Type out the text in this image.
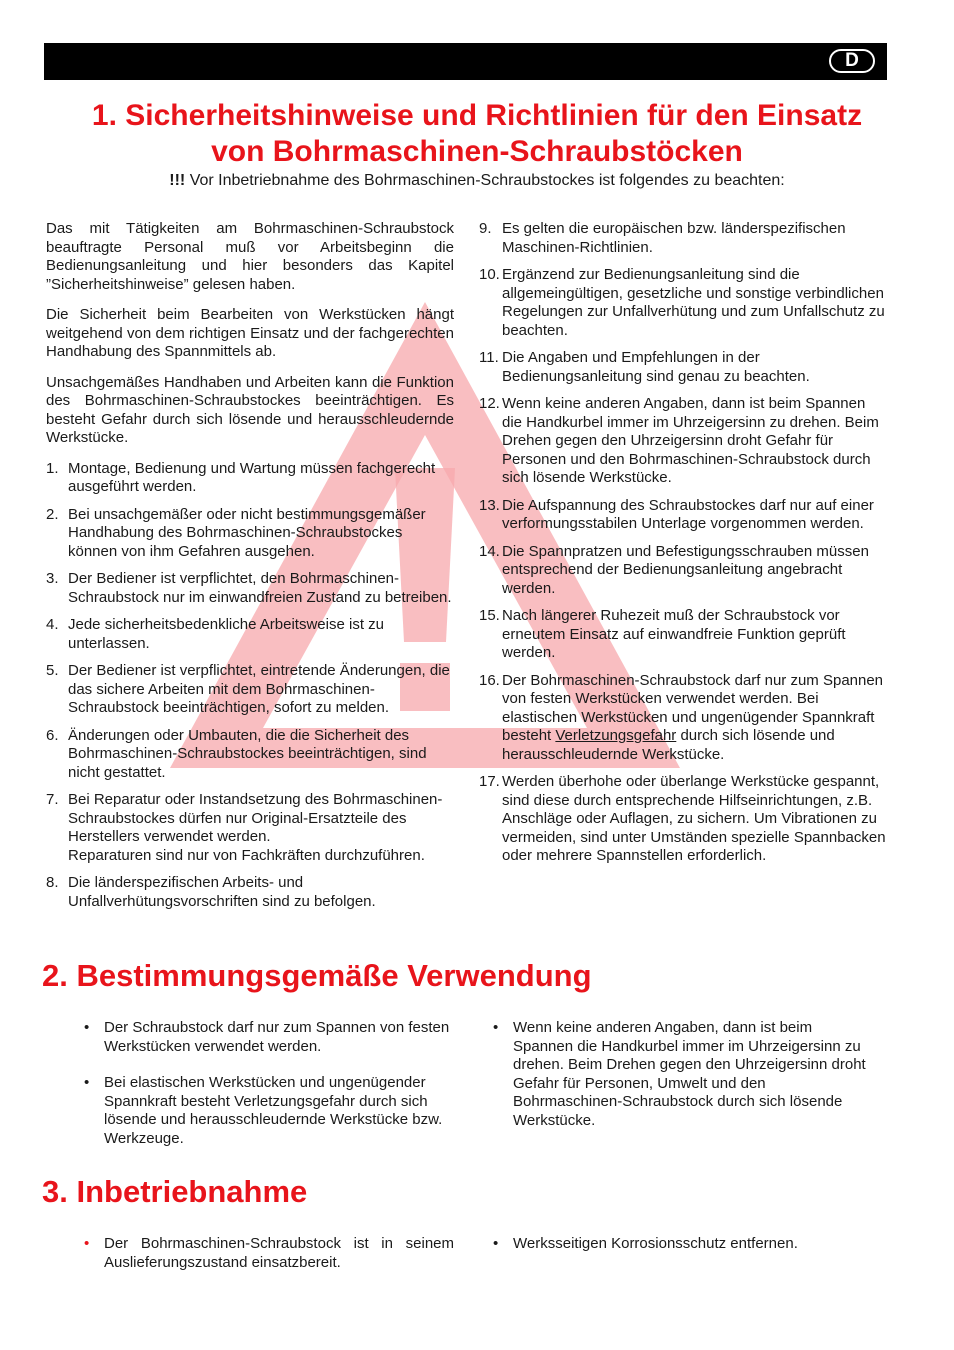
D
1. Sicherheitshinweise und Richtlinien für den Einsatz
von Bohrmaschinen-Schraubstöcken
!!! Vor Inbetriebnahme des Bohrmaschinen-Schraubstockes ist folgendes zu beachten:

Das mit Tätigkeiten am Bohrmaschinen-Schraubstock beauftragte Personal muß vor Arbeitsbeginn die Bedienungsanleitung und hier besonders das Kapitel ”Sicherheitshinweise” gelesen haben.

Die Sicherheit beim Bearbeiten von Werkstücken hängt weitgehend von dem richtigen Einsatz und der fachgerechten Handhabung des Spannmittels ab.

Unsachgemäßes Handhaben und Arbeiten kann die Funktion des Bohrmaschinen-Schraubstockes beeinträchtigen. Es besteht Gefahr durch sich lösende und herausschleudernde Werkstücke.

1. Montage, Bedienung und Wartung müssen fachgerecht ausgeführt werden.
2. Bei unsachgemäßer oder nicht bestimmungsgemäßer Handhabung des Bohrmaschinen-Schraubstockes können von ihm Gefahren ausgehen.
3. Der Bediener ist verpflichtet, den Bohrmaschinen-Schraubstock nur im einwandfreien Zustand zu betreiben.
4. Jede sicherheitsbedenkliche Arbeitsweise ist zu unterlassen.
5. Der Bediener ist verpflichtet, eintretende Änderungen, die das sichere Arbeiten mit dem Bohrmaschinen-Schraubstock beeinträchtigen, sofort zu melden.
6. Änderungen oder Umbauten, die die Sicherheit des Bohrmaschinen-Schraubstockes beeinträchtigen, sind nicht gestattet.
7. Bei Reparatur oder Instandsetzung des Bohrmaschinen-Schraubstockes dürfen nur Original-Ersatzteile des Herstellers verwendet werden.
Reparaturen sind nur von Fachkräften durchzuführen.
8. Die länderspezifischen Arbeits- und Unfallverhütungsvorschriften sind zu befolgen.
9. Es gelten die europäischen bzw. länderspezifischen Maschinen-Richtlinien.
10. Ergänzend zur Bedienungsanleitung sind die allgemeingültigen, gesetzliche und sonstige verbindlichen Regelungen zur Unfallverhütung und zum Unfallschutz zu beachten.
11. Die Angaben und Empfehlungen in der Bedienungsanleitung sind genau zu beachten.
12. Wenn keine anderen Angaben, dann ist beim Spannen die Handkurbel immer im Uhrzeigersinn zu drehen. Beim Drehen gegen den Uhrzeigersinn droht Gefahr für Personen und den Bohrmaschinen-Schraubstock durch sich lösende Werkstücke.
13. Die Aufspannung des Schraubstockes darf nur auf einer verformungsstabilen Unterlage vorgenommen werden.
14. Die Spannpratzen und Befestigungsschrauben müssen entsprechend der Bedienungsanleitung angebracht werden.
15. Nach längerer Ruhezeit muß der Schraubstock vor erneutem Einsatz auf einwandfreie Funktion geprüft werden.
16. Der Bohrmaschinen-Schraubstock darf nur zum Spannen von festen Werkstücken verwendet werden. Bei elastischen Werkstücken und ungenügender Spannkraft besteht Verletzungsgefahr durch sich lösende und herausschleudernde Werkstücke.
17. Werden überhohe oder überlange Werkstücke gespannt, sind diese durch entsprechende Hilfseinrichtungen, z.B. Anschläge oder Auflagen, zu sichern. Um Vibrationen zu vermeiden, sind unter Umständen spezielle Spannbacken oder mehrere Spannstellen erforderlich.
2. Bestimmungsgemäße Verwendung
• Der Schraubstock darf nur zum Spannen von festen Werkstücken verwendet werden.
• Bei elastischen Werkstücken und ungenügender Spannkraft besteht Verletzungsgefahr durch sich lösende und herausschleudernde Werkstücke bzw. Werkzeuge.
• Wenn keine anderen Angaben, dann ist beim Spannen die Handkurbel immer im Uhrzeigersinn zu drehen. Beim Drehen gegen den Uhrzeigersinn droht Gefahr für Personen, Umwelt und den Bohrmaschinen-Schraubstock durch sich lösende Werkstücke.
3. Inbetriebnahme
• Der Bohrmaschinen-Schraubstock ist in seinem Auslieferungszustand einsatzbereit.
• Werksseitigen Korrosionsschutz entfernen.
